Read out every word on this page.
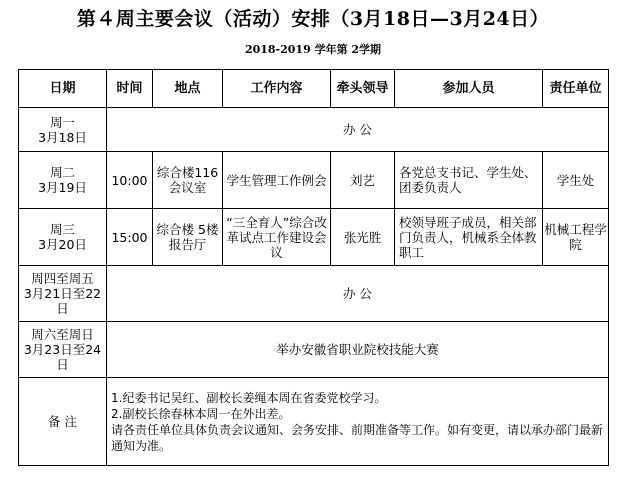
第４周主要会议（活动）安排（3月18日—3月24日）
2018-2019 学年第 2学期
日期	时间	地点	工作内容	牵头领导	参加人员	责任单位

周一
3月18日	办 公					

周二
3月19日	10:00	综合楼116会议室	学生管理工作例会	刘艺	各党总支书记、学生处、团委负责人	学生处

周三
3月20日	15:00	综合楼 5楼报告厅	“三全育人”综合改革试点工作建设会议	张光胜	校领导班子成员，相关部门负责人，机械系全体教职工	机械工程学院

周四至周五
3月21日至22日	办 公					

周六至周日
3月23日至24日	举办安徽省职业院校技能大赛					
备 注	1.纪委书记吴红、副校长姜绳本周在省委党校学习。
2.副校长徐春林本周一在外出差。
请各责任单位具体负责会议通知、会务安排、前期准备等工作。如有变更，请以承办部门最新通知为准。					
